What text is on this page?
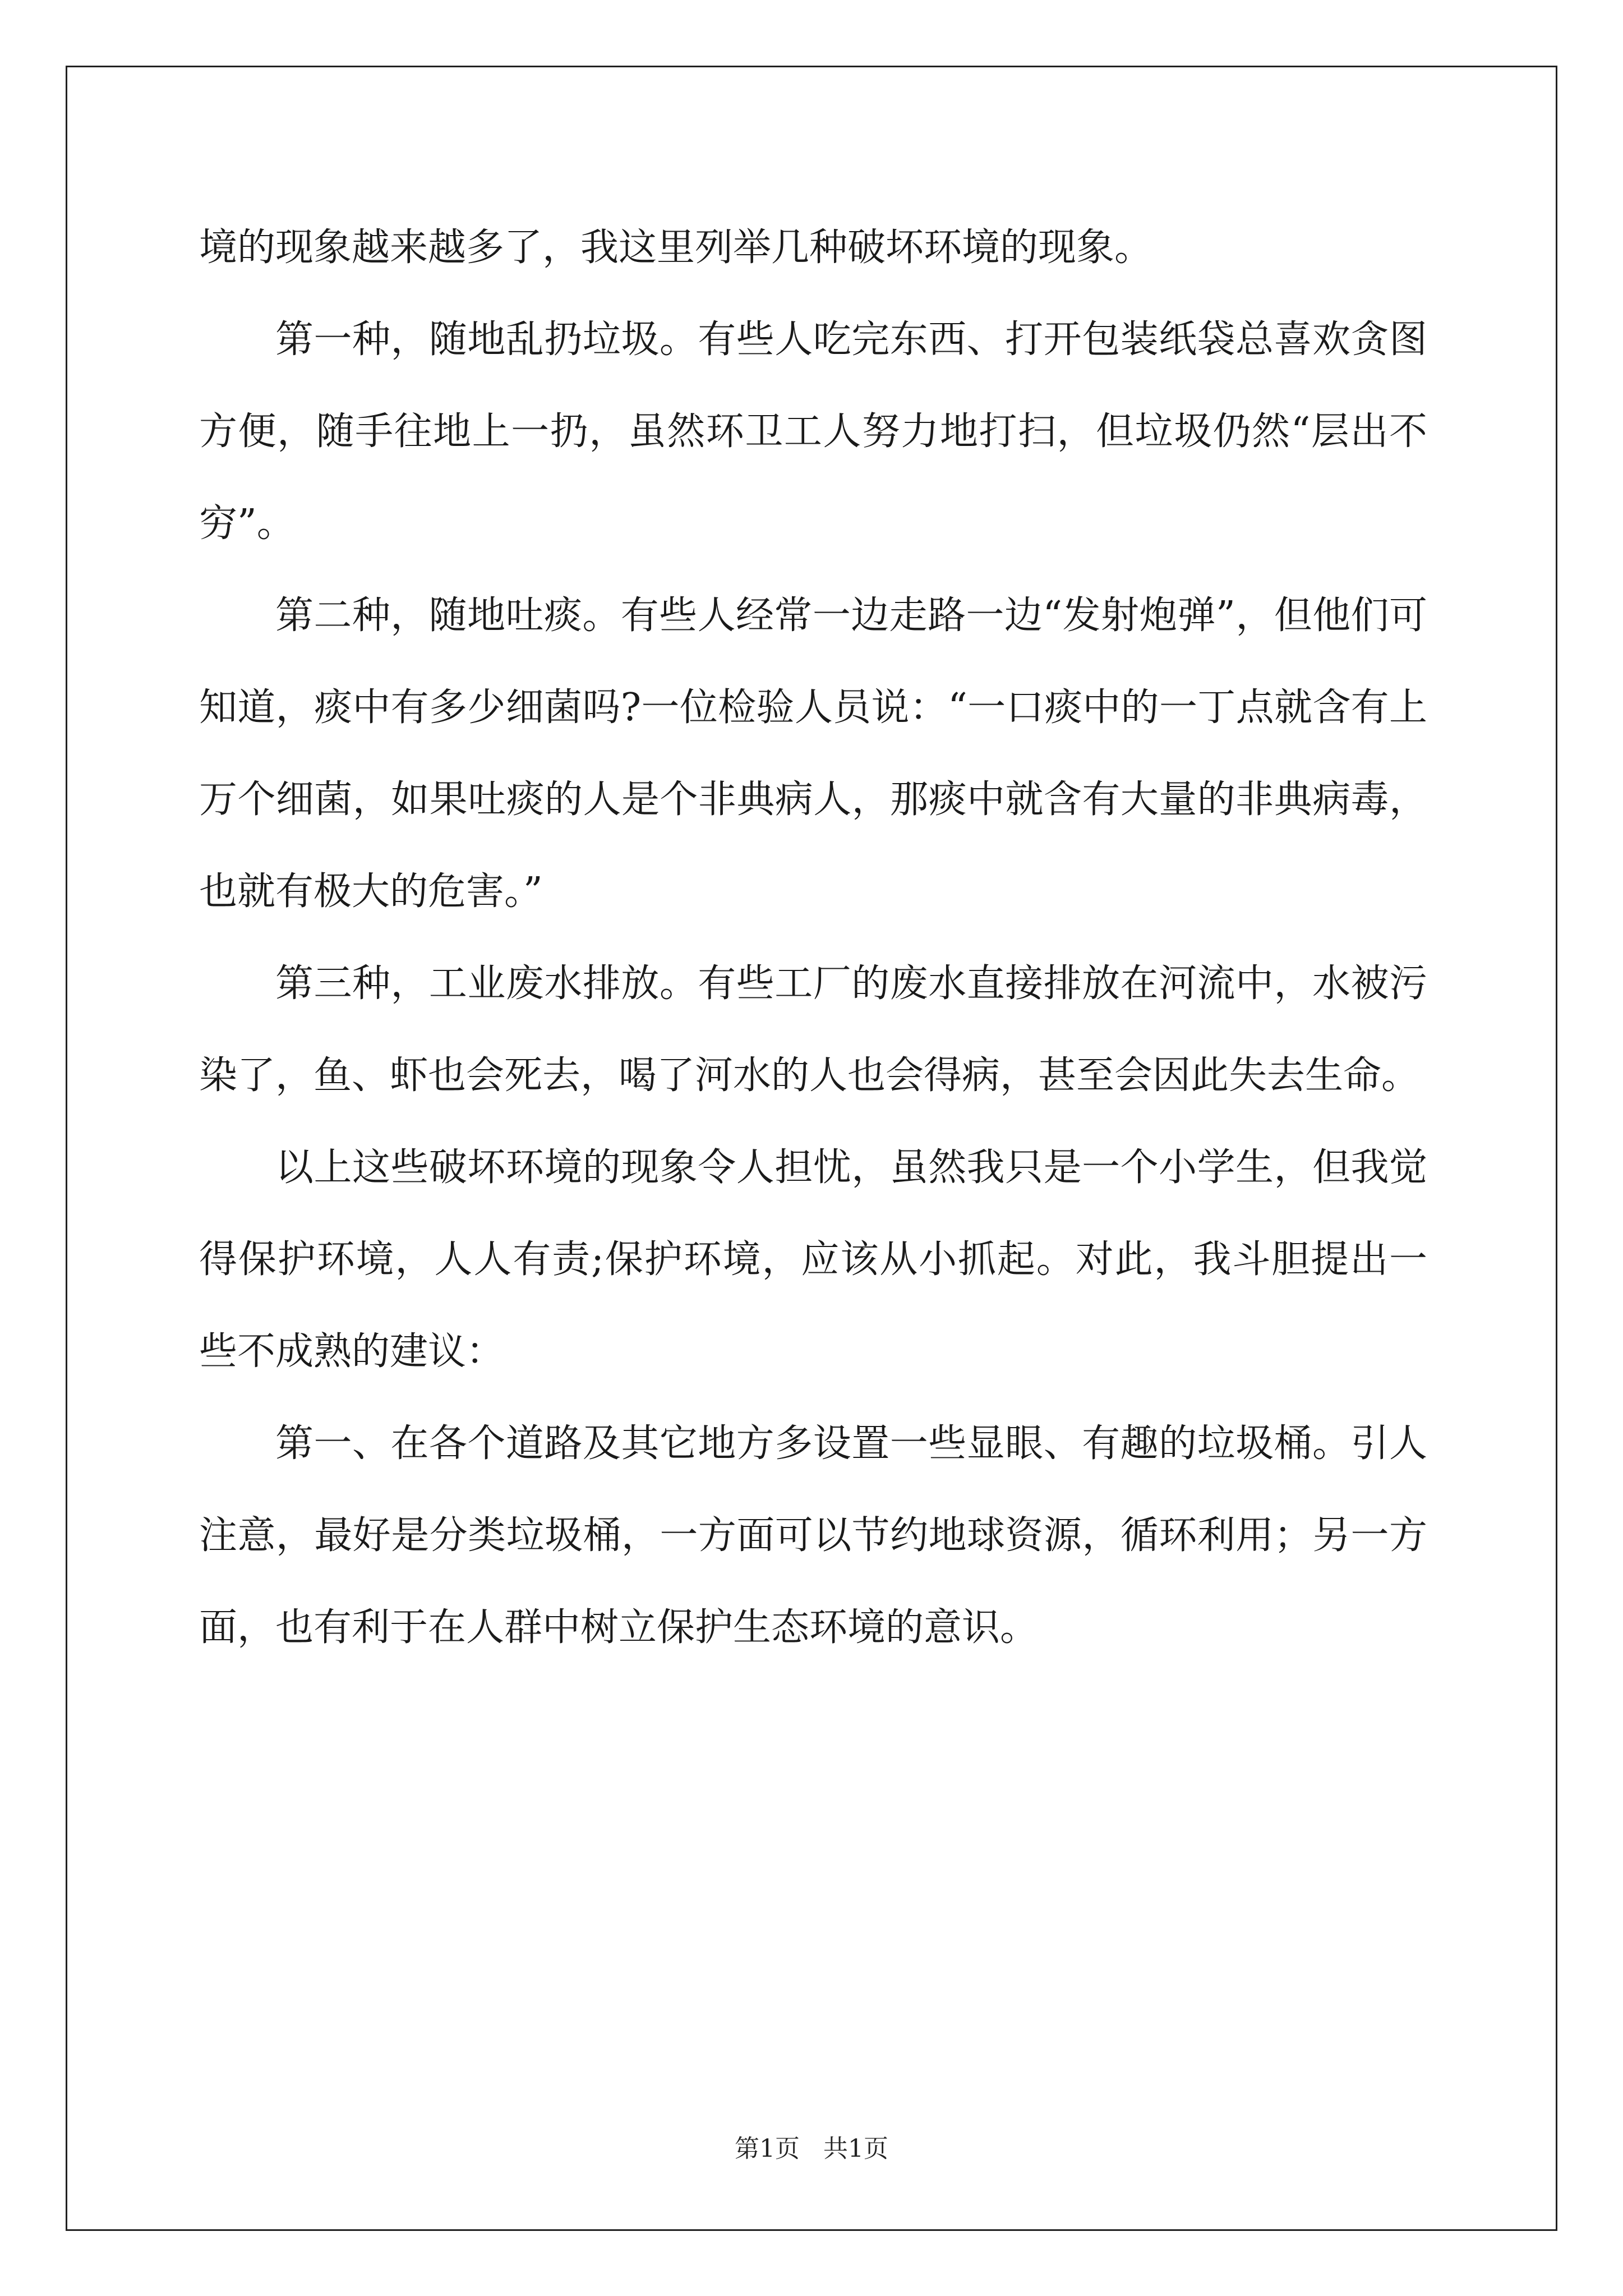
境的现象越来越多了，我这里列举几种破坏环境的现象。

第一种，随地乱扔垃圾。有些人吃完东西、打开包装纸袋总喜欢贪图方便，随手往地上一扔，虽然环卫工人努力地打扫，但垃圾仍然“层出不穷”。

第二种，随地吐痰。有些人经常一边走路一边“发射炮弹”，但他们可知道，痰中有多少细菌吗?一位检验人员说：“一口痰中的一丁点就含有上万个细菌，如果吐痰的人是个非典病人，那痰中就含有大量的非典病毒，也就有极大的危害。”

第三种，工业废水排放。有些工厂的废水直接排放在河流中，水被污染了，鱼、虾也会死去，喝了河水的人也会得病，甚至会因此失去生命。

以上这些破坏环境的现象令人担忧，虽然我只是一个小学生，但我觉得保护环境，人人有责;保护环境，应该从小抓起。对此，我斗胆提出一些不成熟的建议：

第一、在各个道路及其它地方多设置一些显眼、有趣的垃圾桶。引人注意，最好是分类垃圾桶，一方面可以节约地球资源，循环利用；另一方面，也有利于在人群中树立保护生态环境的意识。

第1页   共1页
